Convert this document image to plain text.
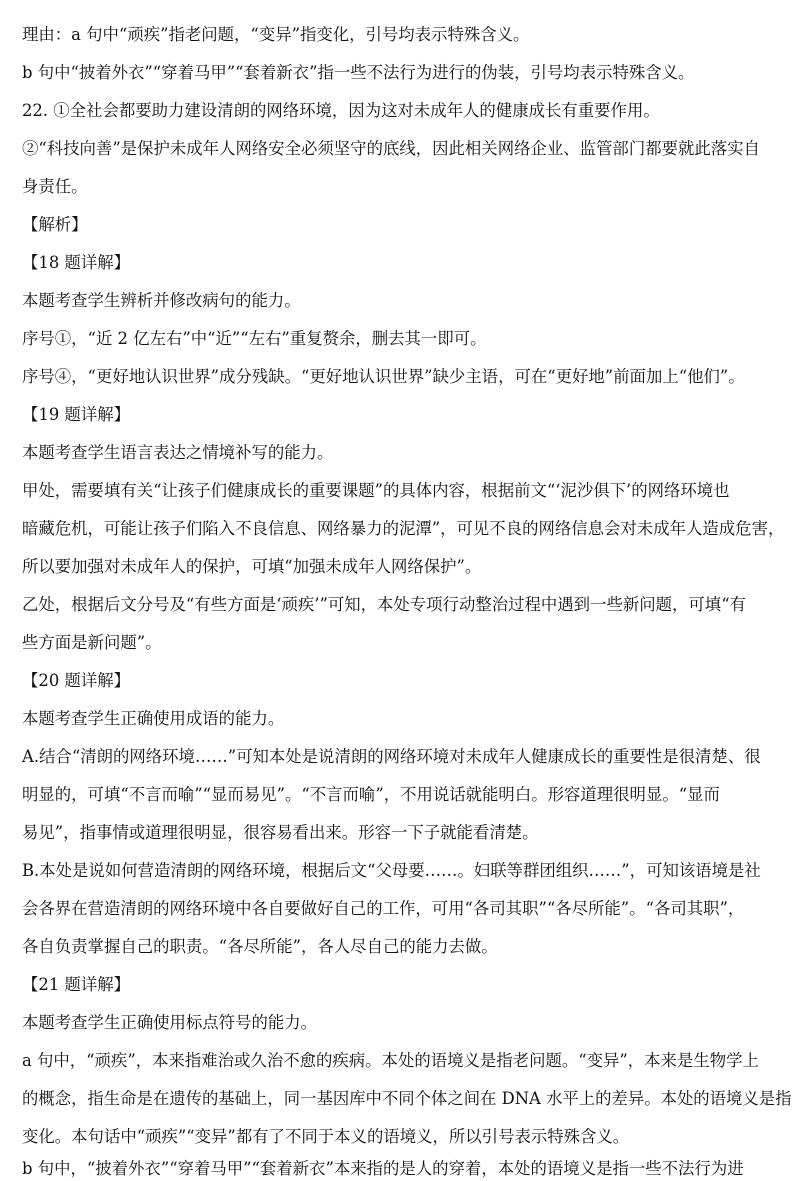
理由：a 句中“顽疾”指老问题，“变异”指变化，引号均表示特殊含义。
b 句中“披着外衣”“穿着马甲”“套着新衣”指一些不法行为进行的伪装，引号均表示特殊含义。
22. ①全社会都要助力建设清朗的网络环境，因为这对未成年人的健康成长有重要作用。
②“科技向善”是保护未成年人网络安全必须坚守的底线，因此相关网络企业、监管部门都要就此落实自
身责任。
【解析】
【18 题详解】
本题考查学生辨析并修改病句的能力。
序号①，“近 2 亿左右”中“近”“左右”重复赘余，删去其一即可。
序号④，“更好地认识世界”成分残缺。“更好地认识世界”缺少主语，可在“更好地”前面加上“他们”。
【19 题详解】
本题考查学生语言表达之情境补写的能力。
甲处，需要填有关“让孩子们健康成长的重要课题”的具体内容，根据前文“‘泥沙俱下’的网络环境也
暗藏危机，可能让孩子们陷入不良信息、网络暴力的泥潭”，可见不良的网络信息会对未成年人造成危害，
所以要加强对未成年人的保护，可填“加强未成年人网络保护”。
乙处，根据后文分号及“有些方面是‘顽疾’”可知，本处专项行动整治过程中遇到一些新问题，可填“有
些方面是新问题”。
【20 题详解】
本题考查学生正确使用成语的能力。
A.结合“清朗的网络环境……”可知本处是说清朗的网络环境对未成年人健康成长的重要性是很清楚、很
明显的，可填“不言而喻”“显而易见”。“不言而喻”，不用说话就能明白。形容道理很明显。“显而
易见”，指事情或道理很明显，很容易看出来。形容一下子就能看清楚。
B.本处是说如何营造清朗的网络环境，根据后文“父母要……。妇联等群团组织……”，可知该语境是社
会各界在营造清朗的网络环境中各自要做好自己的工作，可用“各司其职”“各尽所能”。“各司其职”，
各自负责掌握自己的职责。“各尽所能”，各人尽自己的能力去做。
【21 题详解】
本题考查学生正确使用标点符号的能力。
a 句中，“顽疾”，本来指难治或久治不愈的疾病。本处的语境义是指老问题。“变异”，本来是生物学上
的概念，指生命是在遗传的基础上，同一基因库中不同个体之间在 DNA 水平上的差异。本处的语境义是指
变化。本句话中“顽疾”“变异”都有了不同于本义的语境义，所以引号表示特殊含义。
b 句中，“披着外衣”“穿着马甲”“套着新衣”本来指的是人的穿着，本处的语境义是指一些不法行为进
